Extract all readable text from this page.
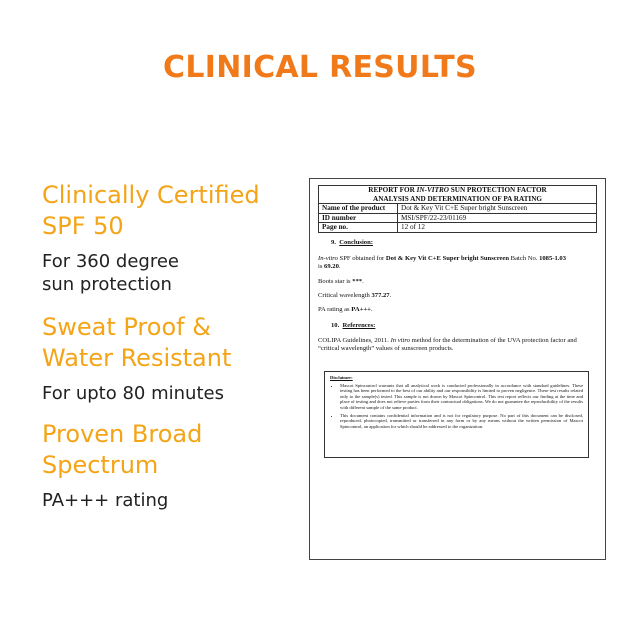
CLINICAL RESULTS
Clinically Certified
SPF 50
For 360 degree
sun protection
Sweat Proof &
Water Resistant
For upto 80 minutes
Proven Broad
Spectrum
PA+++ rating
REPORT FOR IN-VITRO SUN PROTECTION FACTOR
ANALYSIS AND DETERMINATION OF PA RATING	
Name of the product	Dot & Key Vit C+E Super bright Sunscreen
ID number	MSI/SPF/22-23/01169
Page no.	12 of 12
9. Conclusion:
In-vitro SPF obtained for Dot & Key Vit C+E Super bright Sunscreen Batch No. 1085-1.03
is 69.20.
Boots star is ***.
Critical wavelength 377.27.
PA rating as PA+++.
10. References:
COLIPA Guidelines, 2011. In vitro method for the determination of the UVA protection factor and “critical wavelength” values of sunscreen products.
Disclaimer:
• Mascot Spincontrol warrants that all analytical work is conducted professionally in accordance with standard guidelines. These testing has been performed to the best of our ability and our responsibility is limited to proven negligence. These test results related only to the sample(s) tested. This sample is not drawn by Mascot Spincontrol. This test report reflects our finding at the time and place of testing and does not relieve parties from their contractual obligations. We do not guarantee the reproducibility of the results with different sample of the same product.
• This document contains confidential information and is not for regulatory purpose. No part of this document can be disclosed, reproduced, photocopied, transmitted or transferred in any form or by any means without the written permission of Mascot Spincontrol, an application for which should be addressed to the organization.
